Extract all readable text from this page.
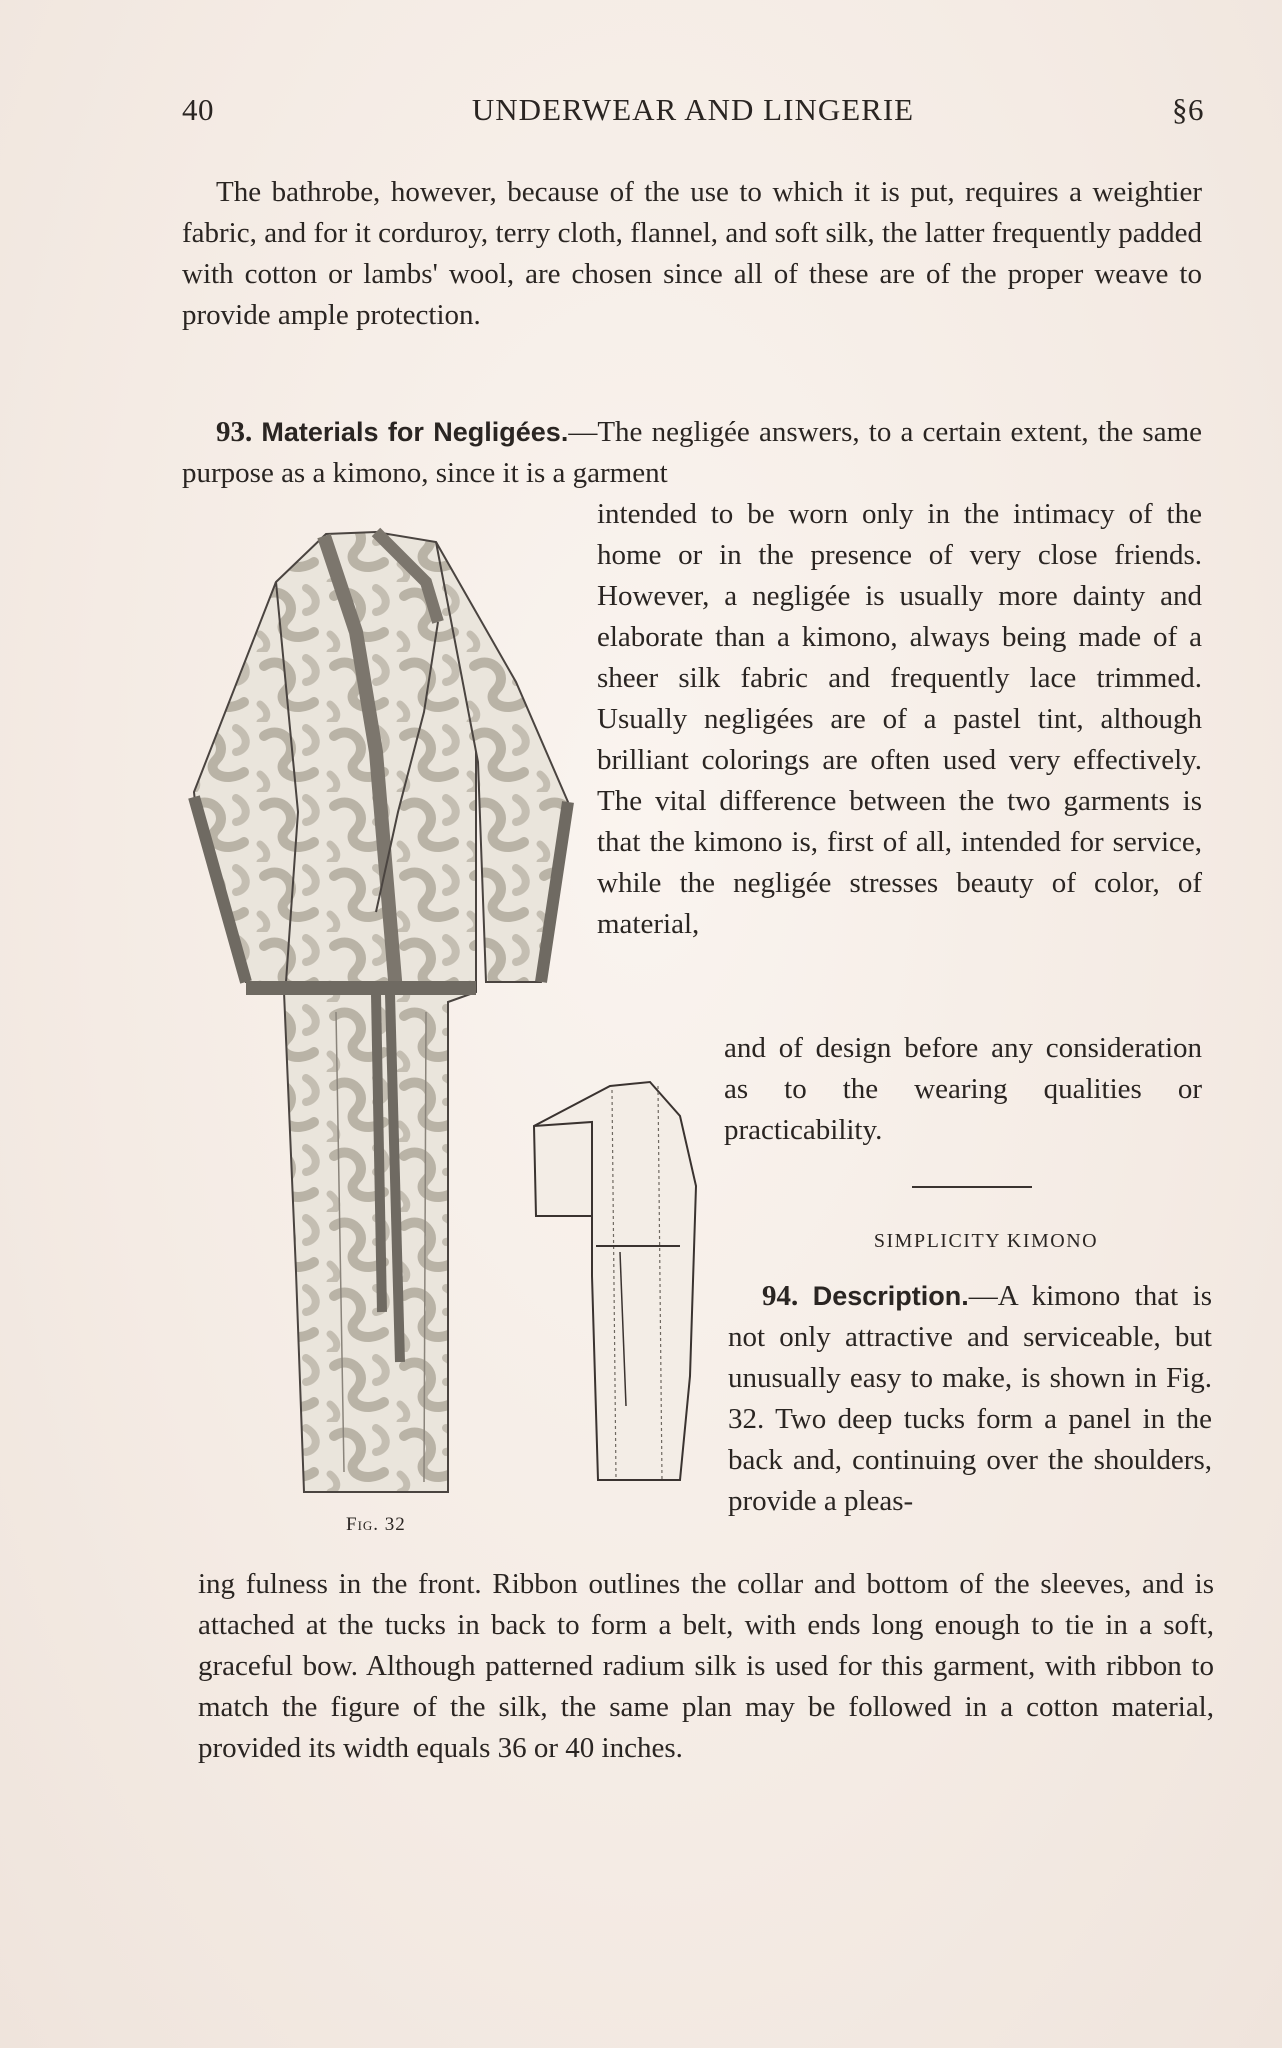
40	UNDERWEAR AND LINGERIE	§6
The bathrobe, however, because of the use to which it is put, requires a weightier fabric, and for it corduroy, terry cloth, flannel, and soft silk, the latter frequently padded with cotton or lambs' wool, are chosen since all of these are of the proper weave to provide ample protection.
93. Materials for Negligées.—The negligée answers, to a certain extent, the same purpose as a kimono, since it is a garment
intended to be worn only in the intimacy of the home or in the presence of very close friends. However, a negligée is usually more dainty and elaborate than a kimono, always being made of a sheer silk fabric and frequently lace trimmed. Usually negligées are of a pastel tint, although brilliant colorings are often used very effectively. The vital difference between the two garments is that the kimono is, first of all, intended for service, while the negligée stresses beauty of color, of material,
and of design before any consideration as to the wearing qualities or practicability.
SIMPLICITY KIMONO
94. Description.—A kimono that is not only attractive and serviceable, but unusually easy to make, is shown in Fig. 32. Two deep tucks form a panel in the back and, continuing over the shoulders, provide a pleas-
ing fulness in the front. Ribbon outlines the collar and bottom of the sleeves, and is attached at the tucks in back to form a belt, with ends long enough to tie in a soft, graceful bow. Although patterned radium silk is used for this garment, with ribbon to match the figure of the silk, the same plan may be followed in a cotton material, provided its width equals 36 or 40 inches.
Fig. 32
